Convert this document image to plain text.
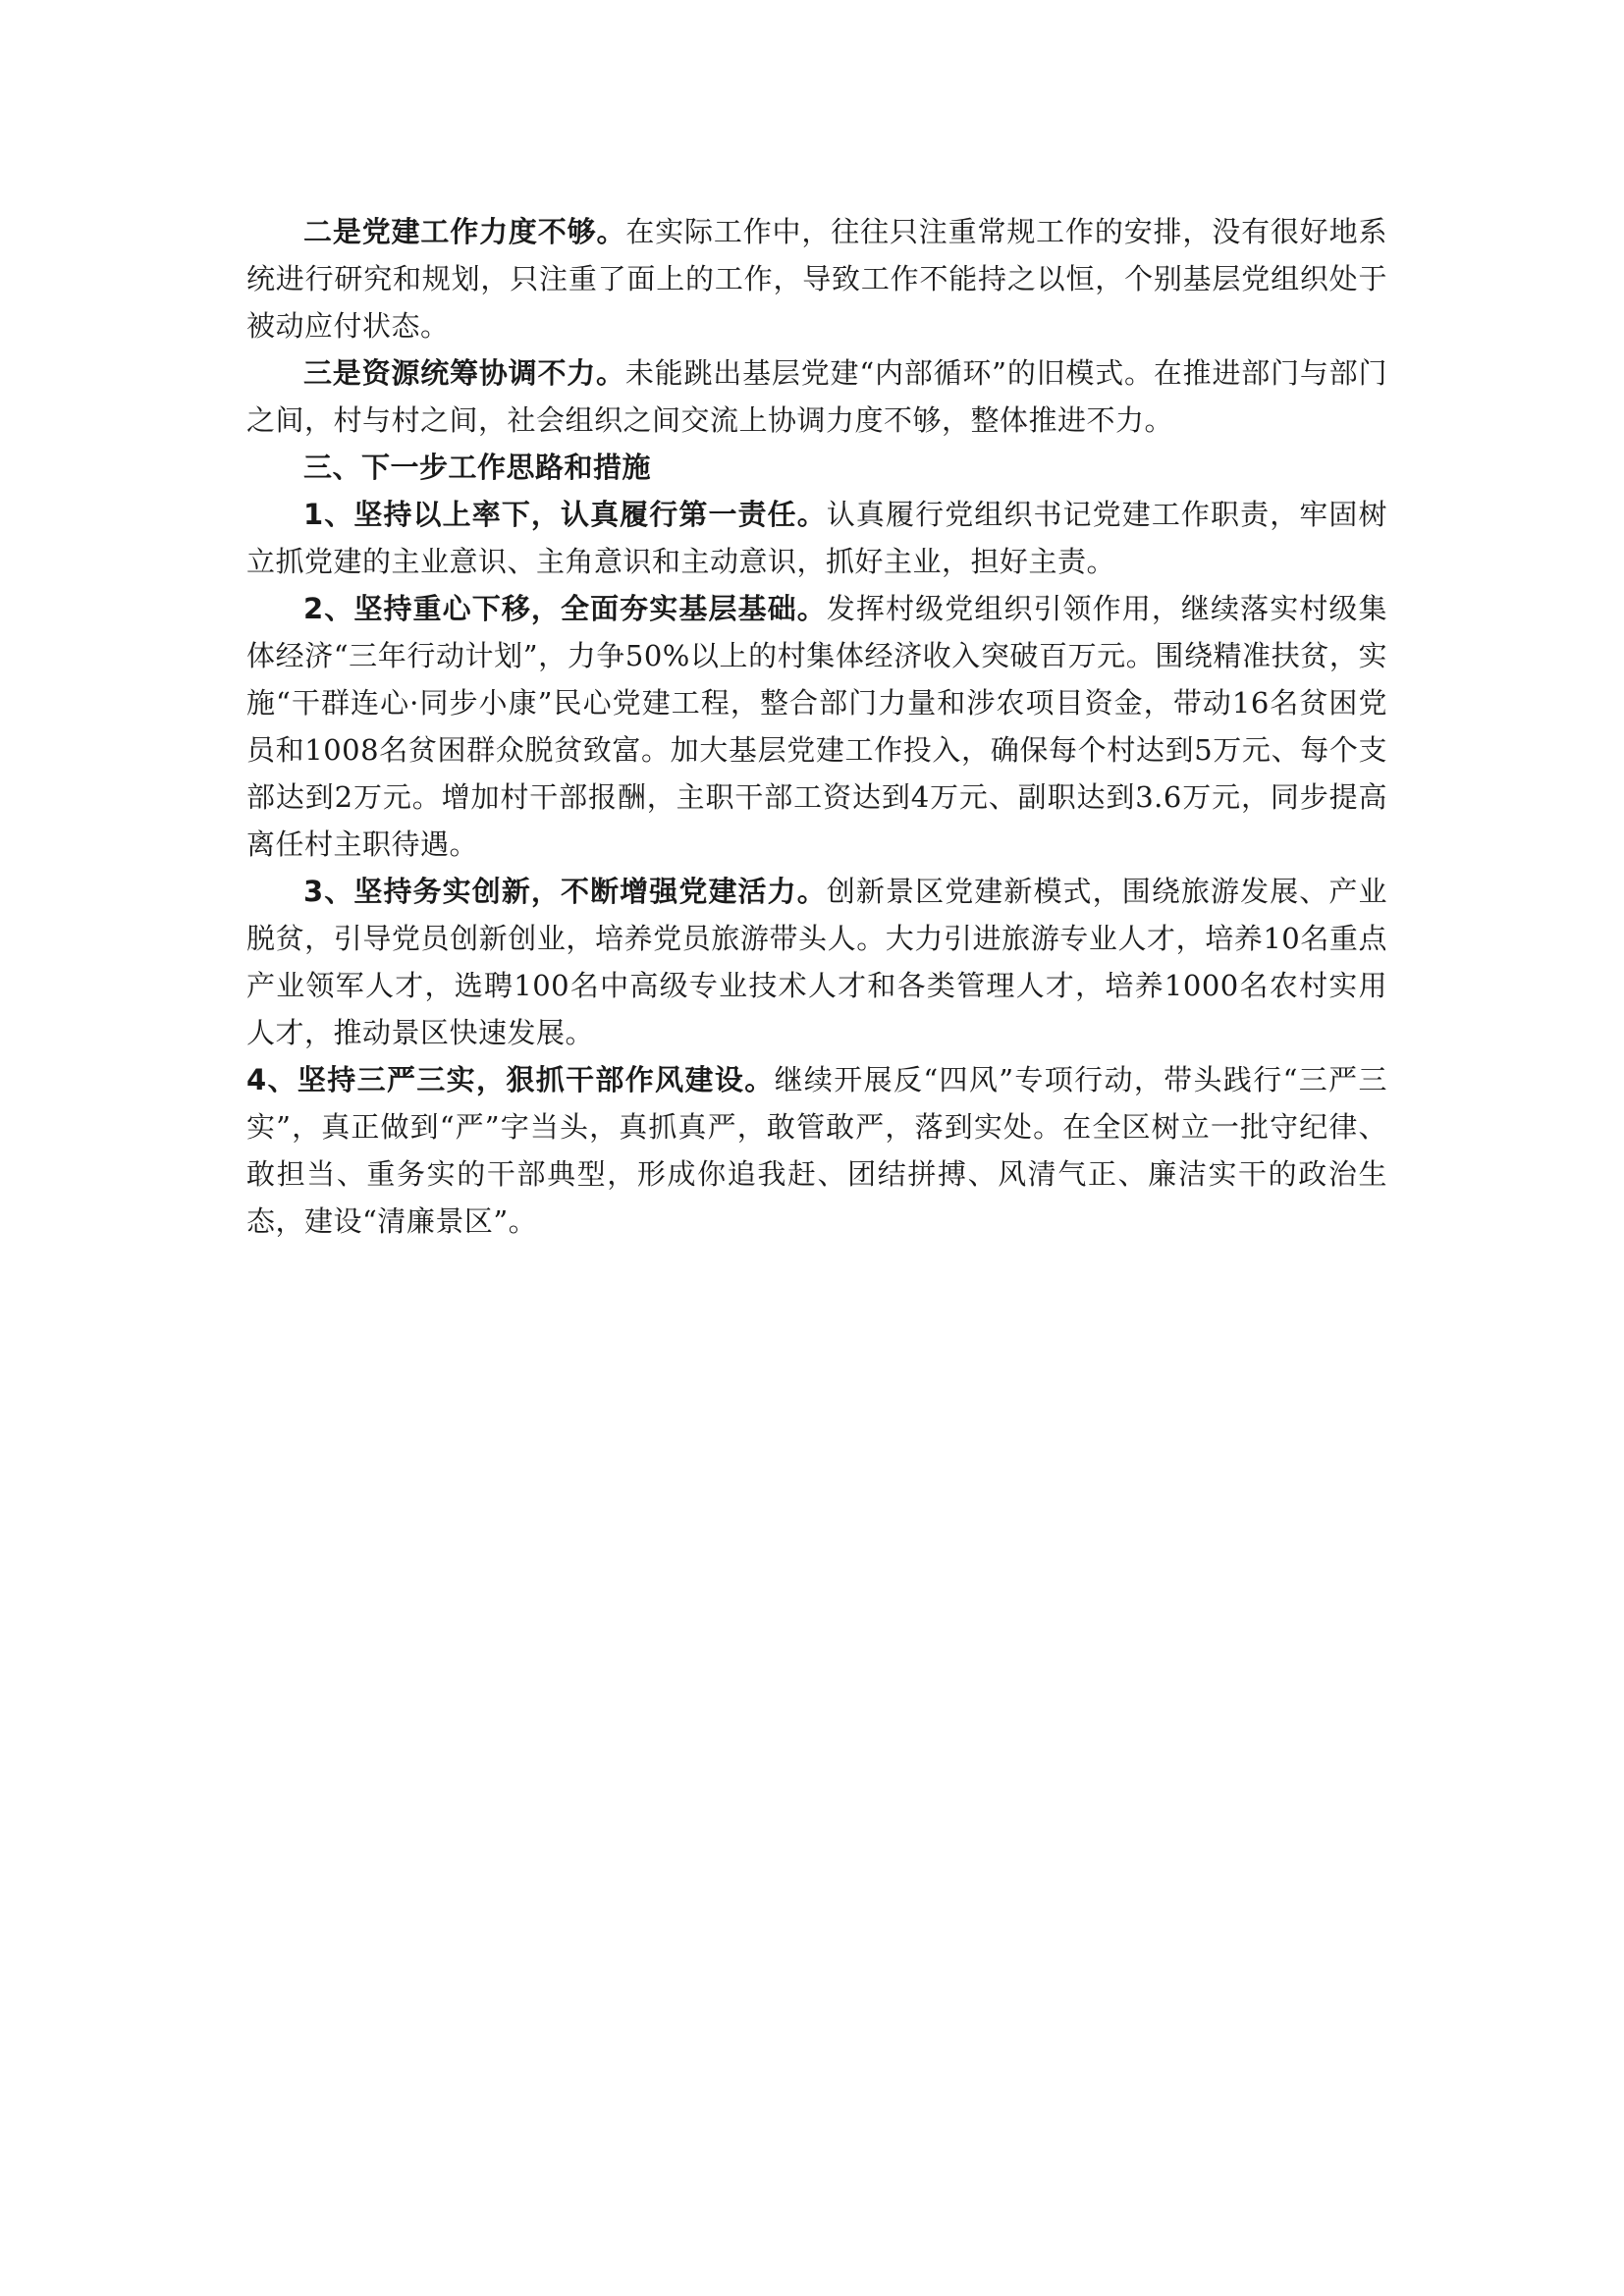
二是党建工作力度不够。在实际工作中，往往只注重常规工作的安排，没有很好地系统进行研究和规划，只注重了面上的工作，导致工作不能持之以恒，个别基层党组织处于被动应付状态。

三是资源统筹协调不力。未能跳出基层党建“内部循环”的旧模式。在推进部门与部门之间，村与村之间，社会组织之间交流上协调力度不够，整体推进不力。

三、下一步工作思路和措施

1、坚持以上率下，认真履行第一责任。认真履行党组织书记党建工作职责，牢固树立抓党建的主业意识、主角意识和主动意识，抓好主业，担好主责。

2、坚持重心下移，全面夯实基层基础。发挥村级党组织引领作用，继续落实村级集体经济“三年行动计划”，力争50%以上的村集体经济收入突破百万元。围绕精准扶贫，实施“干群连心·同步小康”民心党建工程，整合部门力量和涉农项目资金，带动16名贫困党员和1008名贫困群众脱贫致富。加大基层党建工作投入，确保每个村达到5万元、每个支部达到2万元。增加村干部报酬，主职干部工资达到4万元、副职达到3.6万元，同步提高离任村主职待遇。

3、坚持务实创新，不断增强党建活力。创新景区党建新模式，围绕旅游发展、产业脱贫，引导党员创新创业，培养党员旅游带头人。大力引进旅游专业人才，培养10名重点产业领军人才，选聘100名中高级专业技术人才和各类管理人才，培养1000名农村实用人才，推动景区快速发展。

4、坚持三严三实，狠抓干部作风建设。继续开展反“四风”专项行动，带头践行“三严三实”，真正做到“严”字当头，真抓真严，敢管敢严，落到实处。在全区树立一批守纪律、敢担当、重务实的干部典型，形成你追我赶、团结拼搏、风清气正、廉洁实干的政治生态，建设“清廉景区”。
